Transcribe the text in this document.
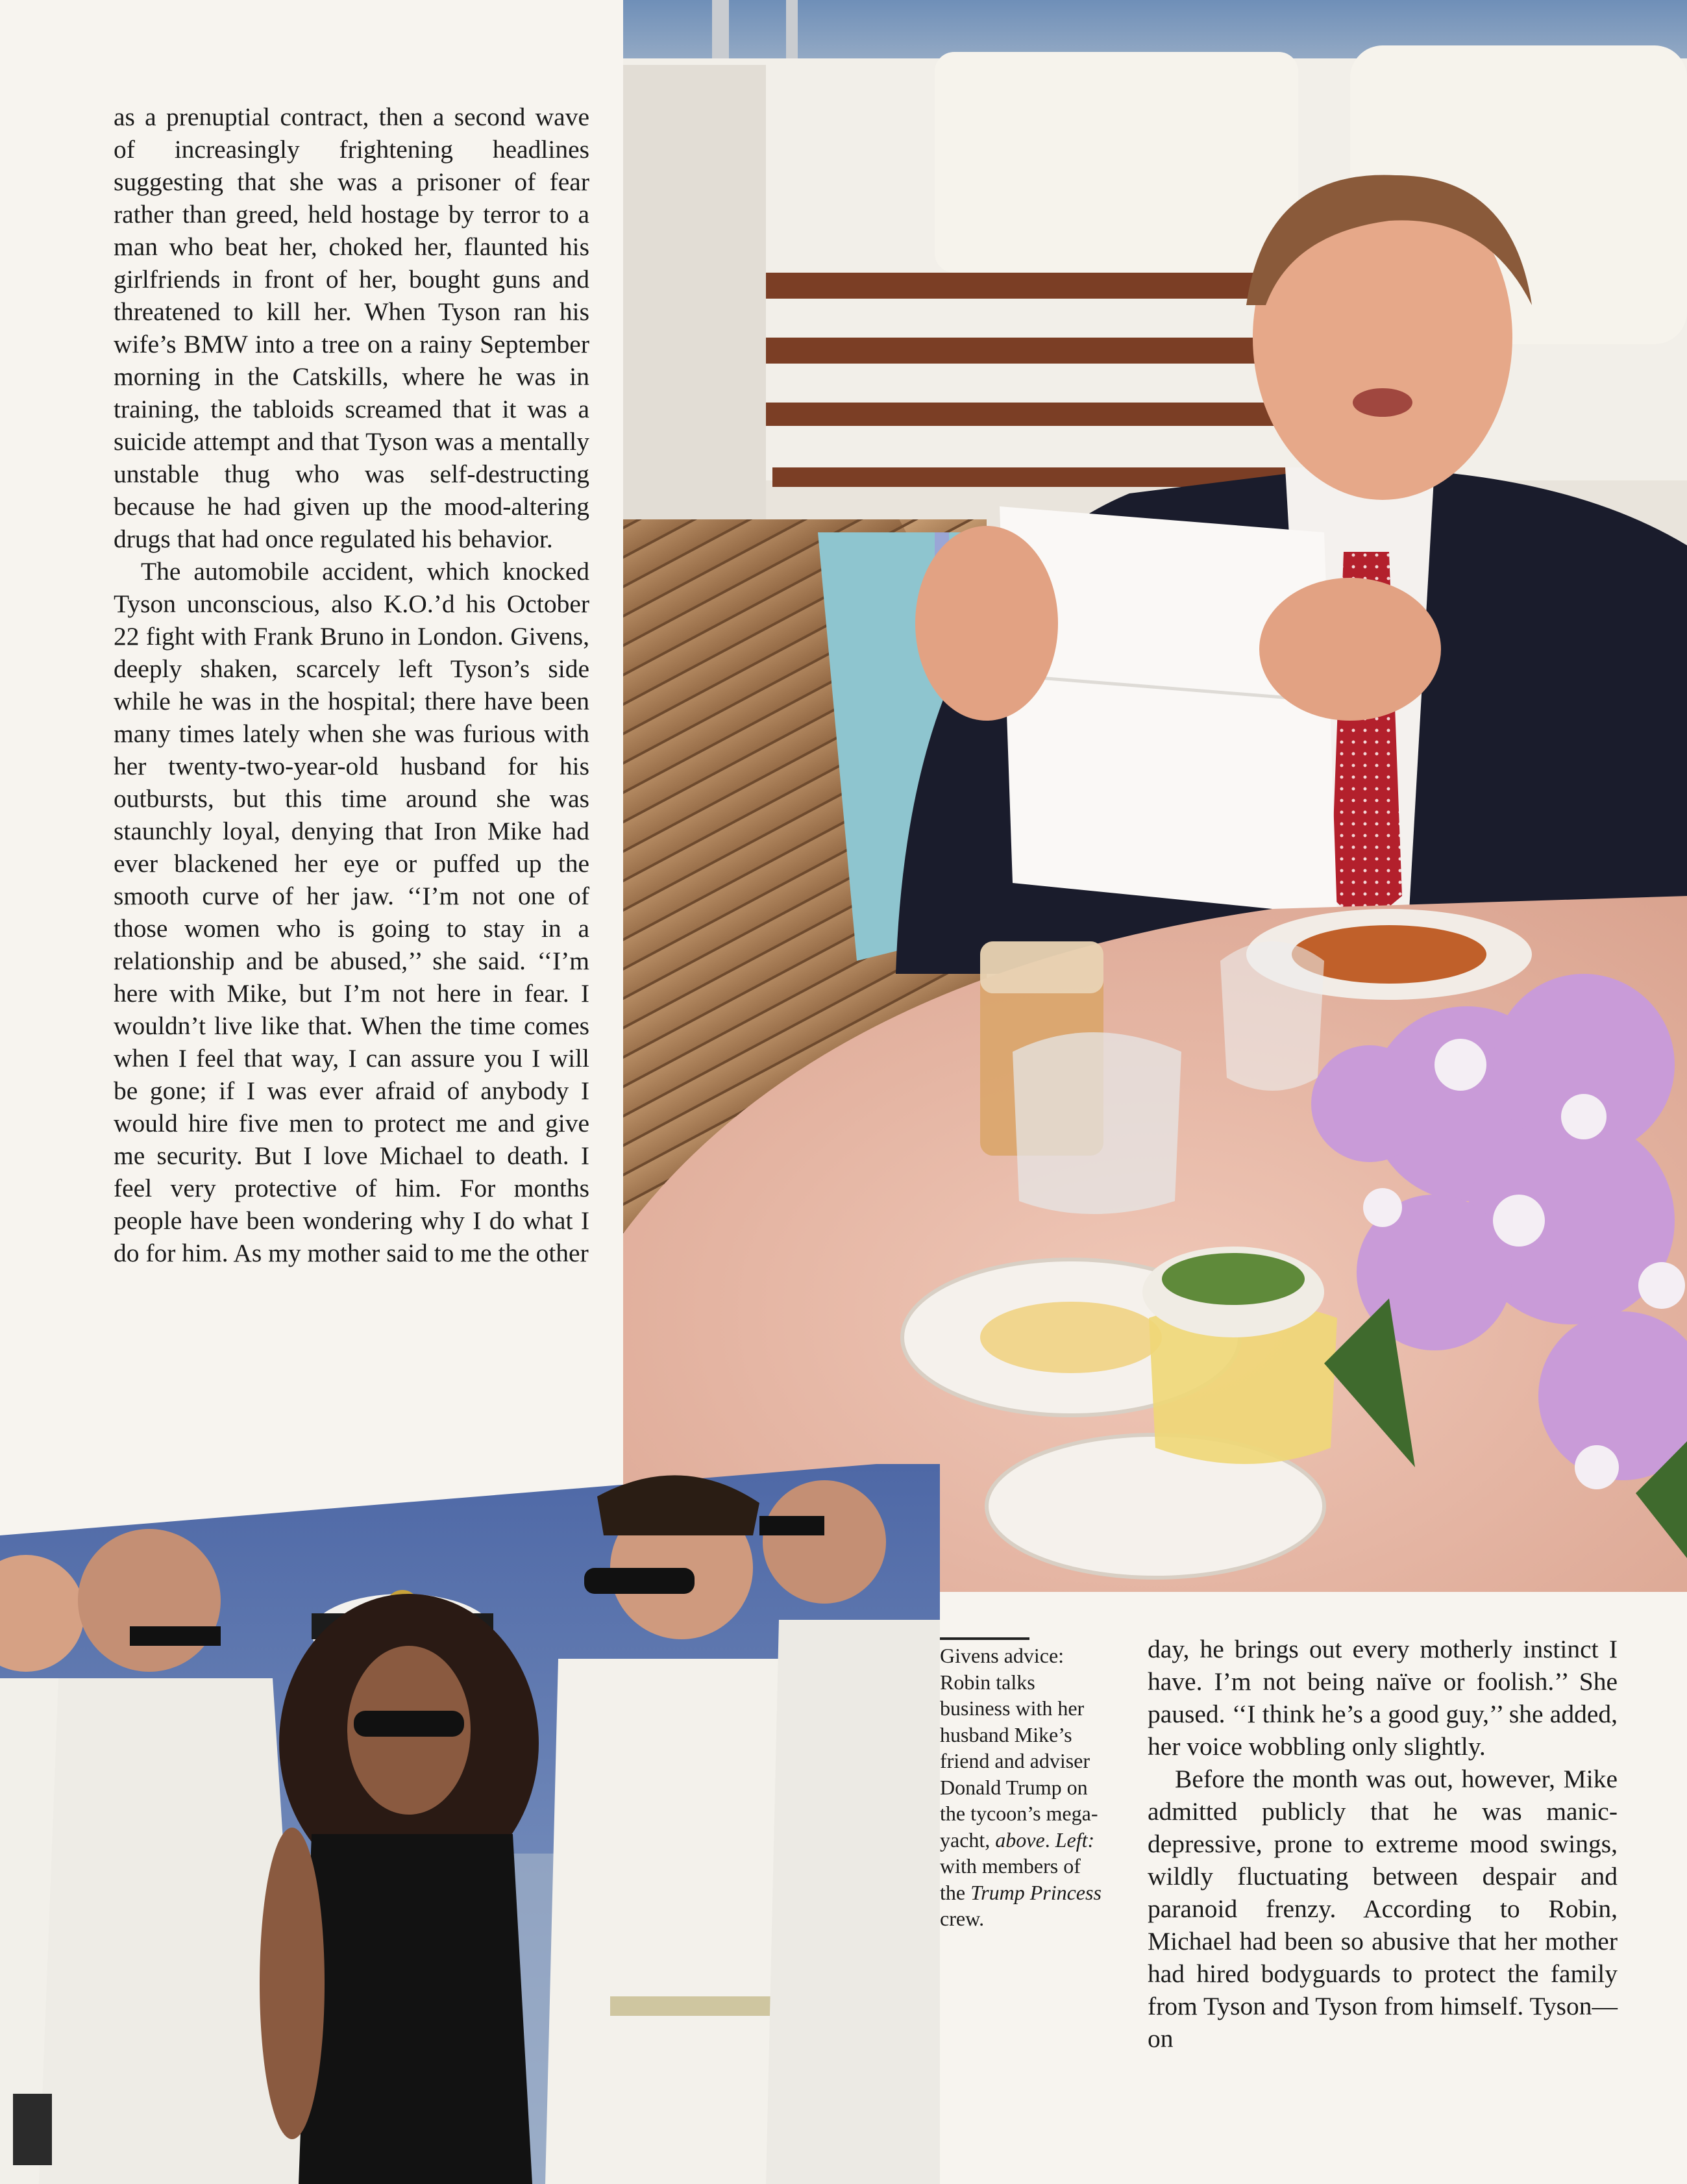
as a prenuptial contract, then a second wave of increasingly frightening headlines suggesting that she was a prisoner of fear rather than greed, held hostage by terror to a man who beat her, choked her, flaunted his girlfriends in front of her, bought guns and threatened to kill her. When Tyson ran his wife’s BMW into a tree on a rainy September morning in the Catskills, where he was in training, the tabloids screamed that it was a suicide attempt and that Tyson was a mentally unstable thug who was self-destructing because he had given up the mood-altering drugs that had once regulated his behavior.

The automobile accident, which knocked Tyson unconscious, also K.O.’d his October 22 fight with Frank Bruno in London. Givens, deeply shaken, scarcely left Tyson’s side while he was in the hospital; there have been many times lately when she was furious with her twenty-two-year-old husband for his outbursts, but this time around she was staunchly loyal, denying that Iron Mike had ever blackened her eye or puffed up the smooth curve of her jaw. ‘‘I’m not one of those women who is going to stay in a relationship and be abused,’’ she said. ‘‘I’m here with Mike, but I’m not here in fear. I wouldn’t live like that. When the time comes when I feel that way, I can assure you I will be gone; if I was ever afraid of anybody I would hire five men to protect me and give me security. But I love Michael to death. I feel very protective of him. For months people have been wondering why I do what I do for him. As my mother said to me the other

Givens advice: Robin talks business with her husband Mike’s friend and adviser Donald Trump on the tycoon’s mega-yacht, above. Left: with members of the Trump Princess crew.

day, he brings out every motherly instinct I have. I’m not being naïve or foolish.’’ She paused. ‘‘I think he’s a good guy,’’ she added, her voice wobbling only slightly.

Before the month was out, however, Mike admitted publicly that he was manic-depressive, prone to extreme mood swings, wildly fluctuating between despair and paranoid frenzy. According to Robin, Michael had been so abusive that her mother had hired bodyguards to protect the family from Tyson and Tyson from himself. Tyson—on
